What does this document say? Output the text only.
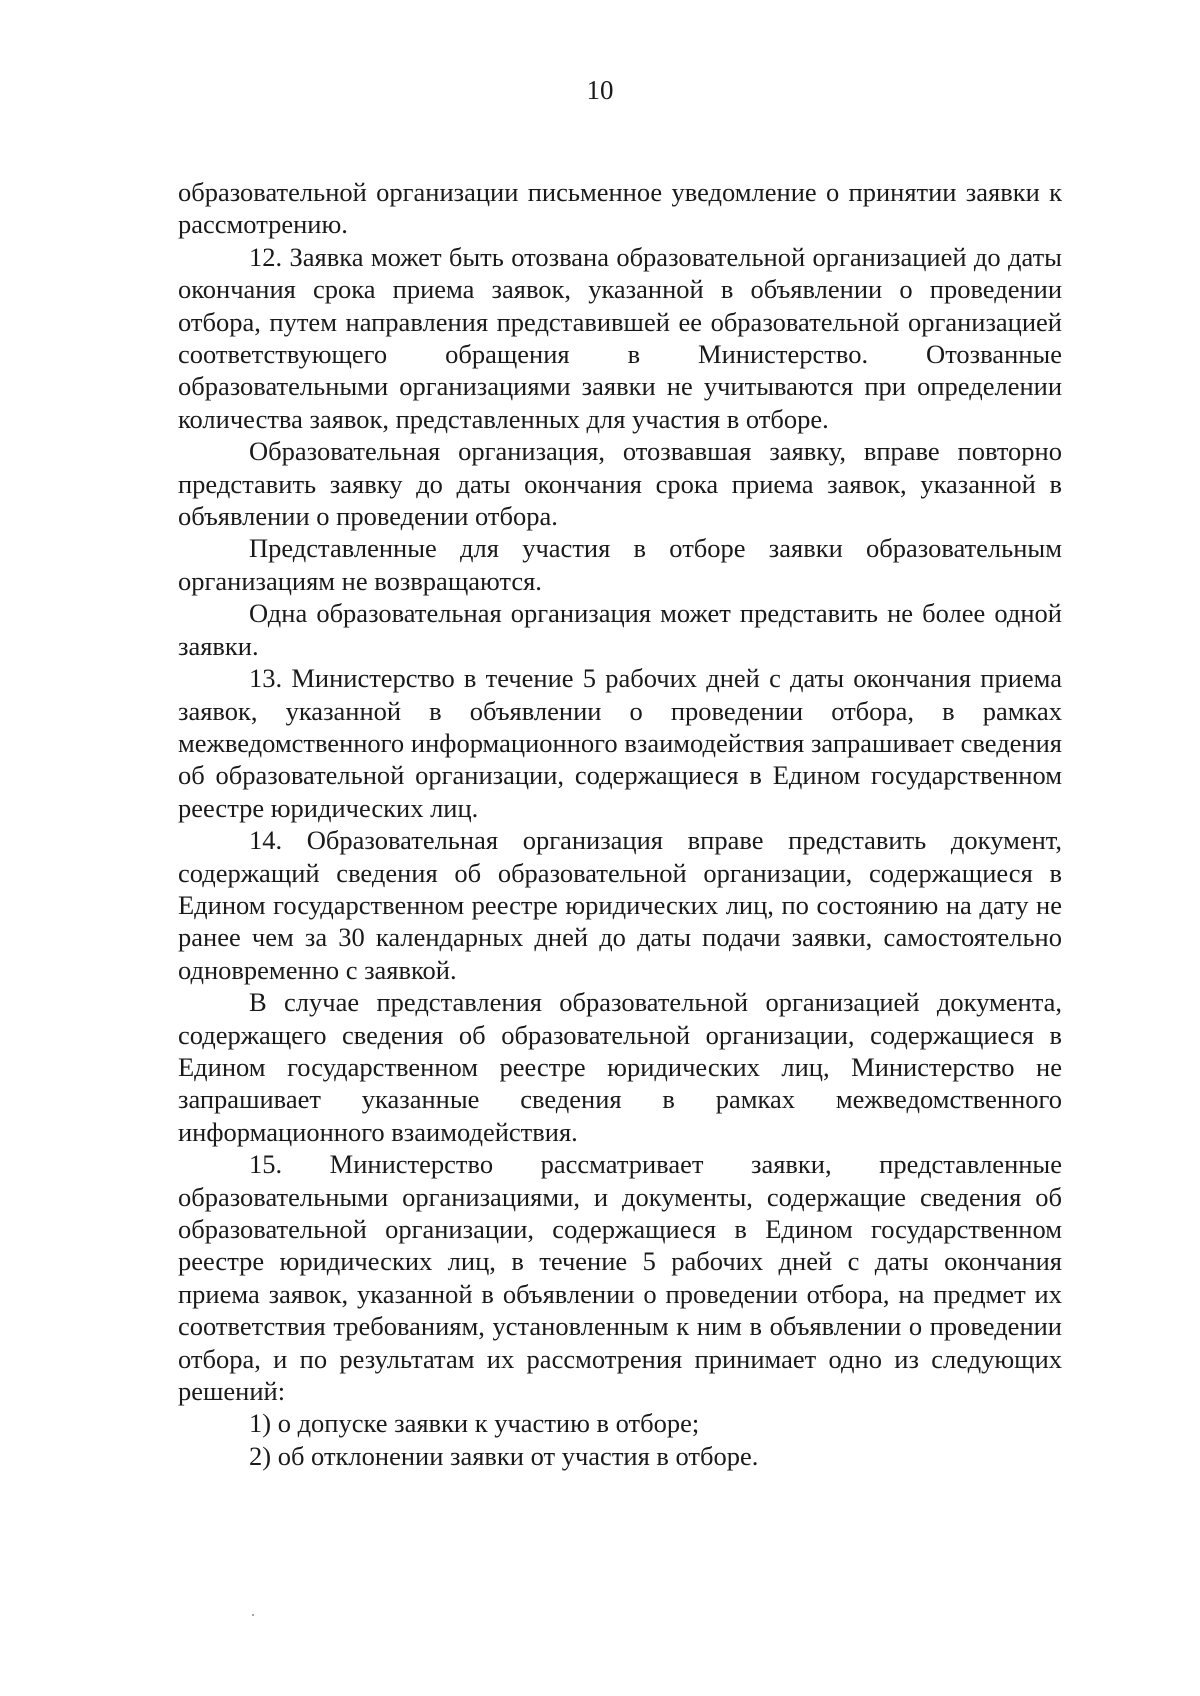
10

образовательной организации письменное уведомление о принятии заявки к рассмотрению.

12. Заявка может быть отозвана образовательной организацией до даты окончания срока приема заявок, указанной в объявлении о проведении отбора, путем направления представившей ее образовательной организацией соответствующего обращения в Министерство. Отозванные образовательными организациями заявки не учитываются при определении количества заявок, представленных для участия в отборе.

Образовательная организация, отозвавшая заявку, вправе повторно представить заявку до даты окончания срока приема заявок, указанной в объявлении о проведении отбора.

Представленные для участия в отборе заявки образовательным организациям не возвращаются.

Одна образовательная организация может представить не более одной заявки.

13. Министерство в течение 5 рабочих дней с даты окончания приема заявок, указанной в объявлении о проведении отбора, в рамках межведомственного информационного взаимодействия запрашивает сведения об образовательной организации, содержащиеся в Едином государственном реестре юридических лиц.

14. Образовательная организация вправе представить документ, содержащий сведения об образовательной организации, содержащиеся в Едином государственном реестре юридических лиц, по состоянию на дату не ранее чем за 30 календарных дней до даты подачи заявки, самостоятельно одновременно с заявкой.

В случае представления образовательной организацией документа, содержащего сведения об образовательной организации, содержащиеся в Едином государственном реестре юридических лиц, Министерство не запрашивает указанные сведения в рамках межведомственного информационного взаимодействия.

15. Министерство рассматривает заявки, представленные образовательными организациями, и документы, содержащие сведения об образовательной организации, содержащиеся в Едином государственном реестре юридических лиц, в течение 5 рабочих дней с даты окончания приема заявок, указанной в объявлении о проведении отбора, на предмет их соответствия требованиям, установленным к ним в объявлении о проведении отбора, и по результатам их рассмотрения принимает одно из следующих решений:

1) о допуске заявки к участию в отборе;

2) об отклонении заявки от участия в отборе.
